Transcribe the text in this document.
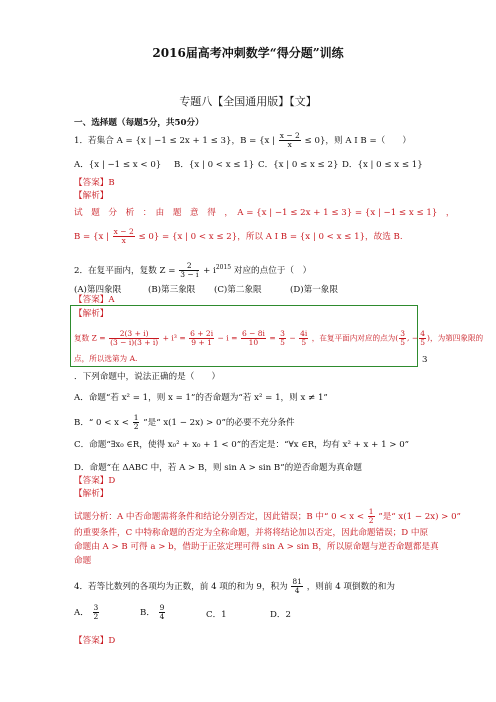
2016届高考冲刺数学“得分题”训练
专题八【全国通用版】【文】
一、选择题（每题5分，共50分）
1．若集合 A = {x | −1 ≤ 2x + 1 ≤ 3}，B = {x | $\frac{x - 2}{x} \le 0$}，则 A I B =（　　）
A．{x | −1 ≤ x < 0} B．{x | 0 < x ≤ 1} C．{x | 0 ≤ x ≤ 2} D．{x | 0 ≤ x ≤ 1}
【答案】B
【解析】
试　题　分　析　：　由　题　意　得　，　A = {x | −1 ≤ 2x + 1 ≤ 3} = {x | −1 ≤ x ≤ 1}　，
B = {x | $\frac{x - 2}{x} \le 0\} = \{x$ | 0 < x ≤ 2}，所以 A I B = {x | 0 < x ≤ 1}，故选 B.
2．在复平面内，复数 $Z = \frac{2}{3 - i} + i^{2015}$ 对应的点位于（　）
(A)第四象限	(B)第三象限 (C)第二象限	(D)第一象限
【答案】A
【解析】
复数 $Z = \frac{2(3 + i)}{(3 - i)(3 + i)} + i^3 = \frac{6 + 2i}{9 + 1} - i = \frac{6 - 8i}{10} = \frac{3}{5} - \frac{4i}{5}$ ，在复平面内对应的点为( $\frac{3}{5}$ , − $\frac{4}{5}$ )，为第四象限的
点，所以选第为 A.	3
．下列命题中，说法正确的是（　　）
A．命题“若 x² = 1，则 x = 1”的否命题为“若 x² = 1，则 x ≠ 1”
B．“ $0 < x < \frac{1}{2}$ ”是“ x(1 − 2x) > 0”的必要不充分条件
C．命题“∃x₀ ∈R，使得 x₀² + x₀ + 1 < 0”的否定是：“∀x ∈R，均有 x² + x + 1 > 0”
D．命题“在 ΔABC 中，若 A > B，则 sin A > sin B”的逆否命题为真命题
【答案】D
【解析】
试题分析：A 中否命题需将条件和结论分别否定，因此错误；B 中“ $0 < x < \frac{1}{2}$ ”是“ x(1 − 2x) > 0”
的重要条件，C 中特称命题的否定为全称命题，并将将结论加以否定，因此命题错误；D 中原
命题由 A > B 可得 a > b，借助于正弦定理可得 sin A > sin B，所以原命题与逆否命题都是真
命题
4．若等比数列的各项均为正数，前 4 项的和为 9，积为 $\frac{81}{4}$ ，则前 4 项倒数的和为
A． $\frac{3}{2}$	B． $\frac{9}{4}$	C．1	D．2
【答案】D
